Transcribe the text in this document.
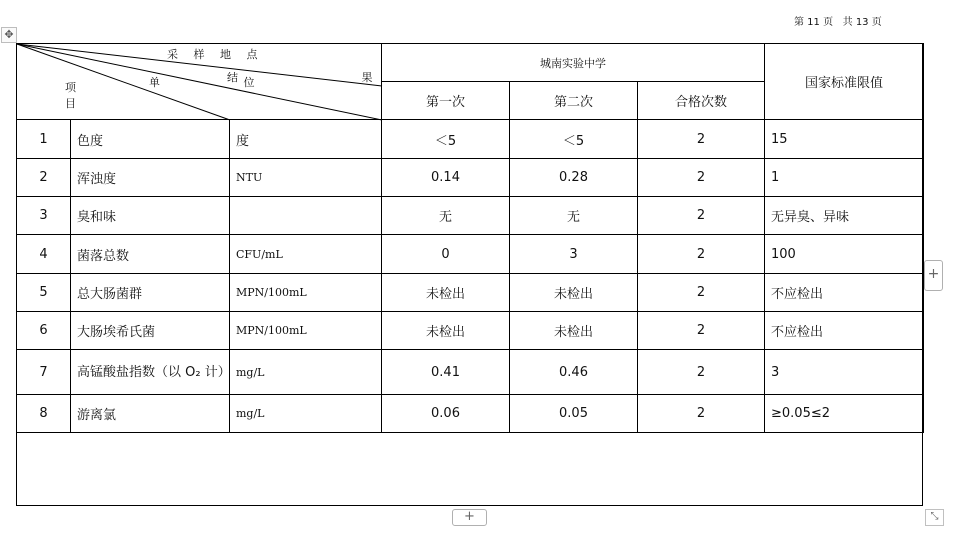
第 11 页 共 13 页
✥
采 样 地 点
单 位
结 果
项 目			城南实验中学			国家标准限值
			第一次	第二次	合格次数	
1	色度	度	＜5	＜5	2	15
2	浑浊度	NTU	0.14	0.28	2	1
3	臭和味		无	无	2	无异臭、异味
4	菌落总数	CFU/mL	0	3	2	100
5	总大肠菌群	MPN/100mL	未检出	未检出	2	不应检出
6	大肠埃希氏菌	MPN/100mL	未检出	未检出	2	不应检出
7	高锰酸盐指数（以 O₂ 计）	mg/L	0.41	0.46	2	3
8	游离氯	mg/L	0.06	0.05	2	≥0.05≤2
+
+	⤡
